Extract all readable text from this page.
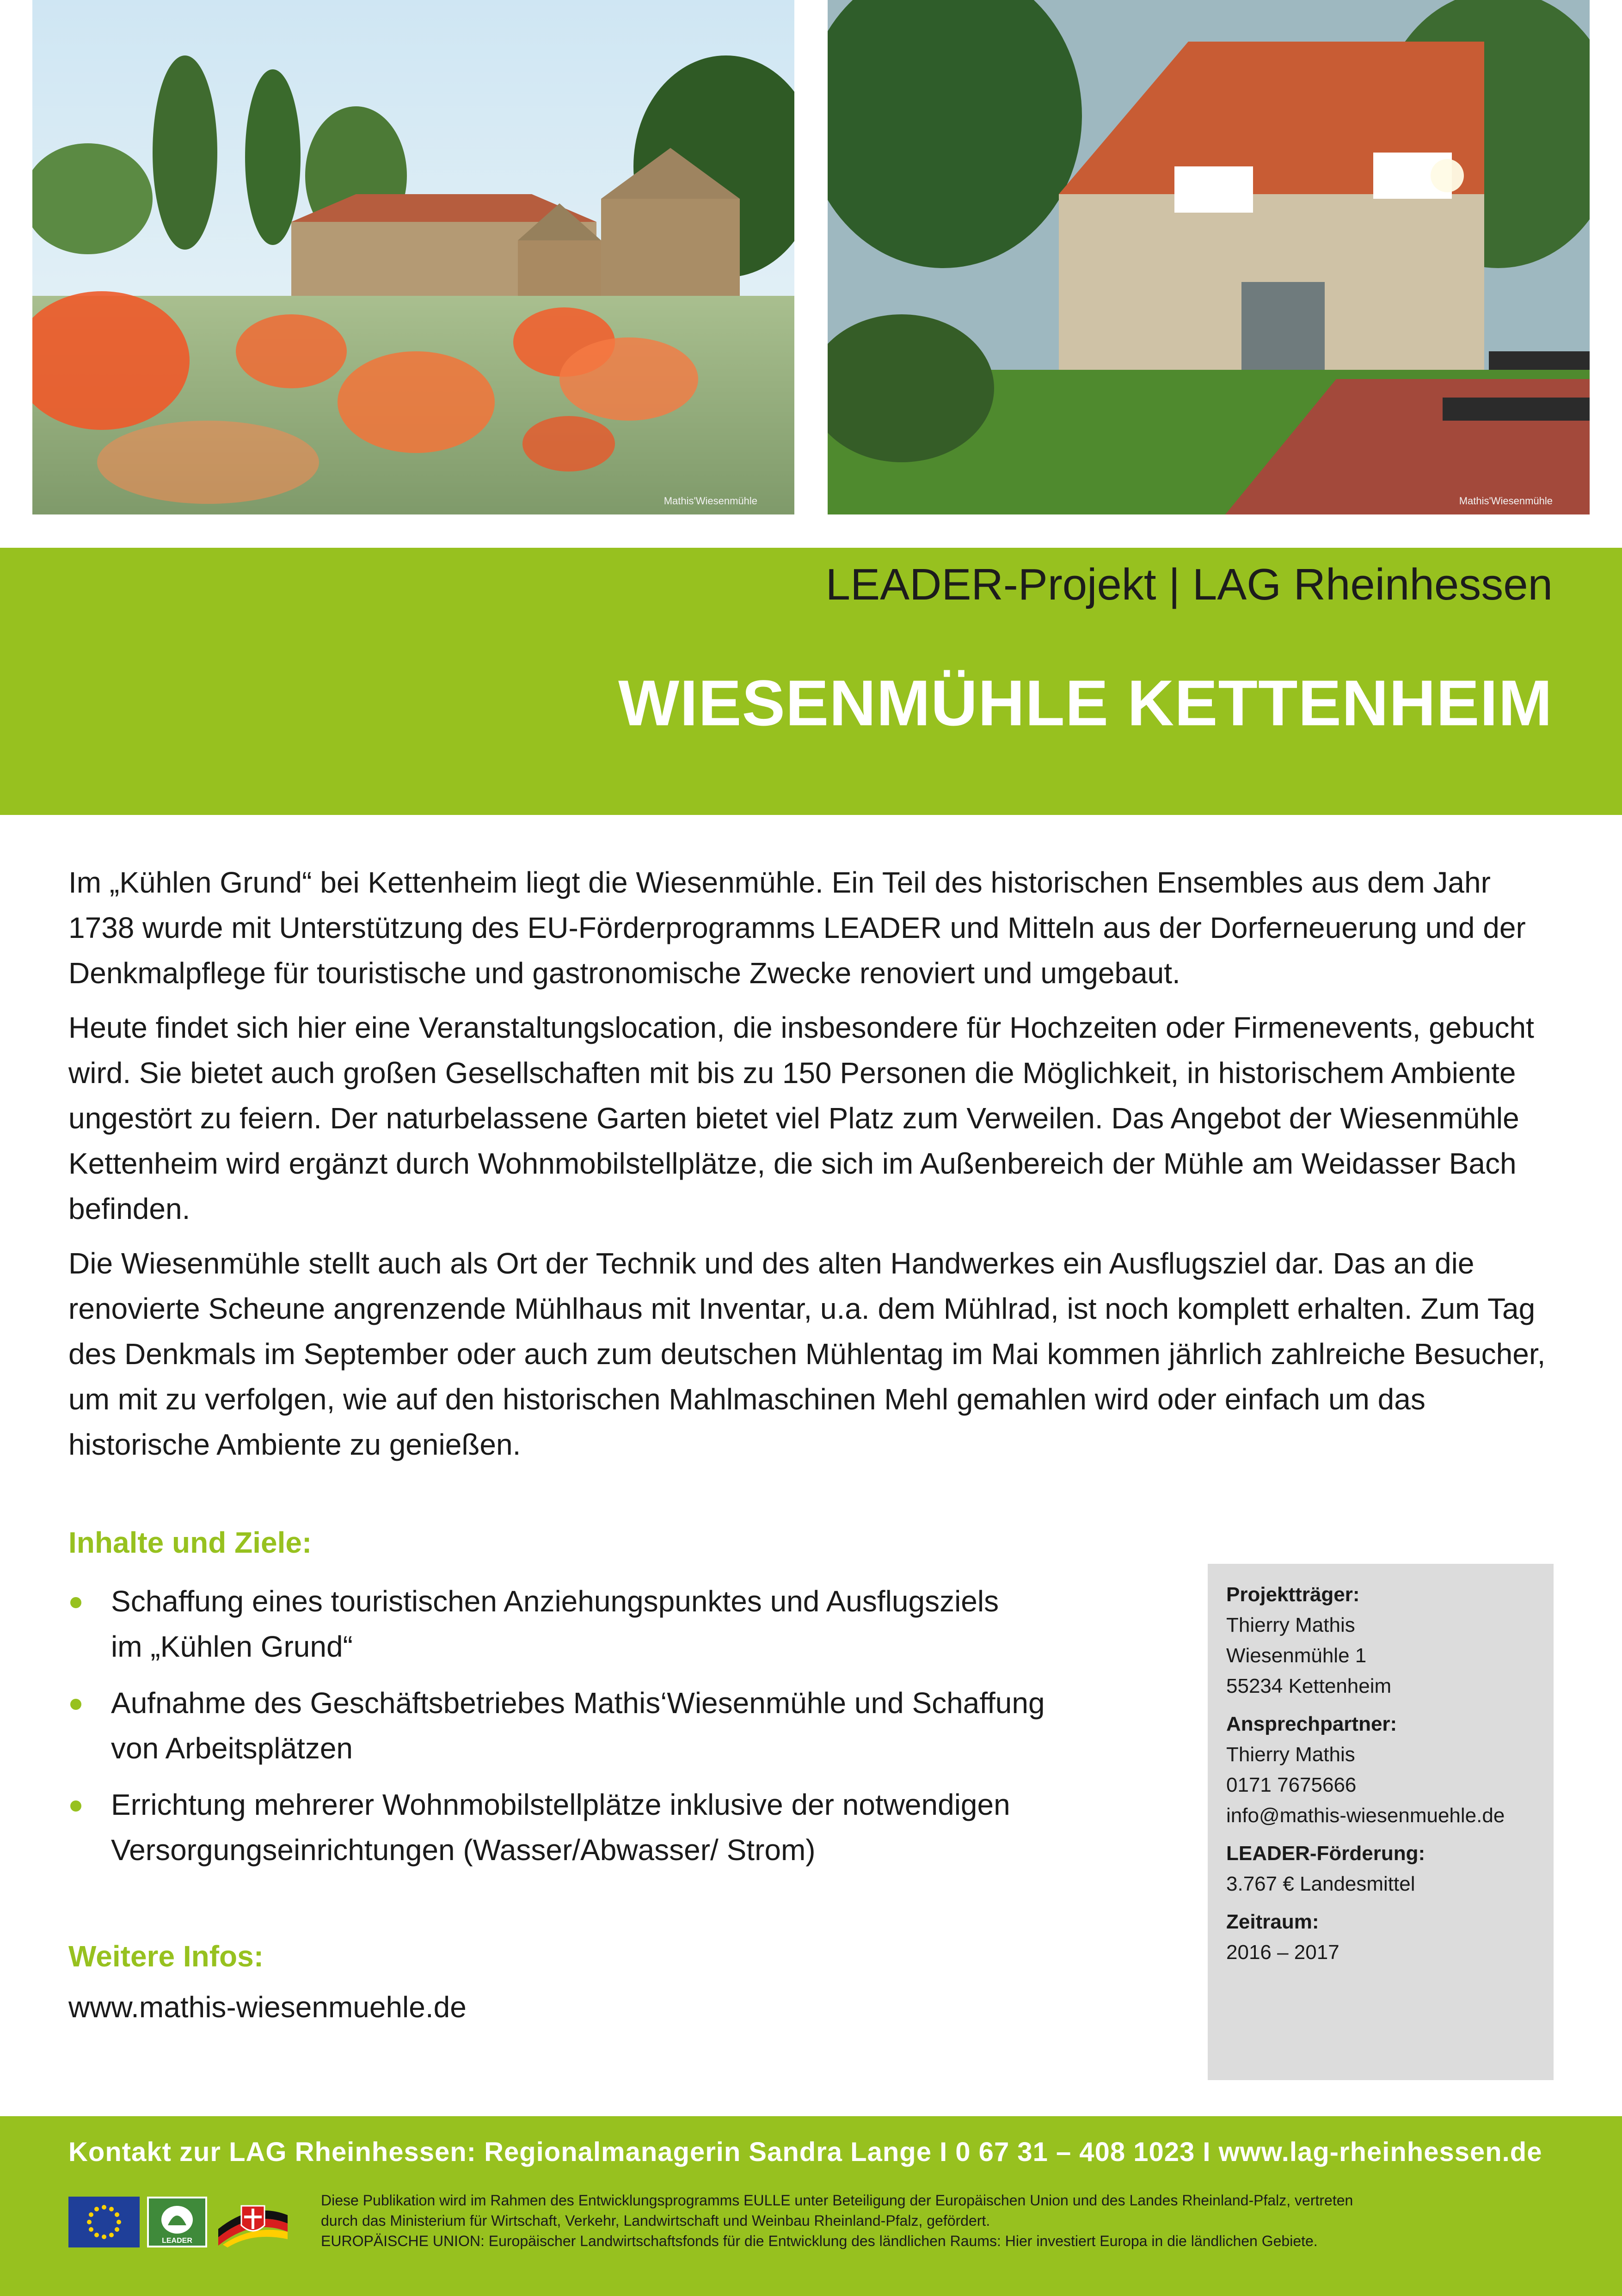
Mathis'Wiesenmühle	Mathis'Wiesenmühle
LEADER-Projekt | LAG Rheinhessen
WIESENMÜHLE KETTENHEIM

Im „Kühlen Grund“ bei Kettenheim liegt die Wiesenmühle. Ein Teil des historischen Ensembles aus dem Jahr 1738 wurde mit Unterstützung des EU-Förderprogramms LEADER und Mitteln aus der Dorferneuerung und der Denkmalpflege für touristische und gastronomische Zwecke renoviert und umgebaut.

Heute findet sich hier eine Veranstaltungslocation, die insbesondere für Hochzeiten oder Firmenevents, gebucht wird. Sie bietet auch großen Gesellschaften mit bis zu 150 Personen die Möglichkeit, in historischem Ambiente ungestört zu feiern. Der naturbelassene Garten bietet viel Platz zum Verweilen. Das Angebot der Wiesenmühle Kettenheim wird ergänzt durch Wohnmobilstellplätze, die sich im Außenbereich der Mühle am Weidasser Bach befinden.

Die Wiesenmühle stellt auch als Ort der Technik und des alten Handwerkes ein Ausflugsziel dar. Das an die renovierte Scheune angrenzende Mühlhaus mit Inventar, u.a. dem Mühlrad, ist noch komplett erhalten. Zum Tag des Denkmals im September oder auch zum deutschen Mühlentag im Mai kommen jährlich zahlreiche Besucher, um mit zu verfolgen, wie auf den historischen Mahlmaschinen Mehl gemahlen wird oder einfach um das historische Ambiente zu genießen.

Inhalte und Ziele:
Schaffung eines touristischen Anziehungspunktes und Ausflugsziels
im „Kühlen Grund“
Aufnahme des Geschäftsbetriebes Mathis‘Wiesenmühle und Schaffung
von Arbeitsplätzen
Errichtung mehrerer Wohnmobilstellplätze inklusive der notwendigen
Versorgungseinrichtungen (Wasser/Abwasser/ Strom)
Weitere Infos:
www.mathis-wiesenmuehle.de
Projektträger:
Thierry Mathis
Wiesenmühle 1
55234 Kettenheim
Ansprechpartner:
Thierry Mathis
0171 7675666
info@mathis-wiesenmuehle.de
LEADER-Förderung:
3.767 € Landesmittel
Zeitraum:
2016 – 2017
Kontakt zur LAG Rheinhessen: Regionalmanagerin Sandra Lange I 0 67 31 – 408 1023 I www.lag-rheinhessen.de
LEADER
Diese Publikation wird im Rahmen des Entwicklungsprogramms EULLE unter Beteiligung der Europäischen Union und des Landes Rheinland-Pfalz, vertreten
durch das Ministerium für Wirtschaft, Verkehr, Landwirtschaft und Weinbau Rheinland-Pfalz, gefördert.
EUROPÄISCHE UNION: Europäischer Landwirtschaftsfonds für die Entwicklung des ländlichen Raums: Hier investiert Europa in die ländlichen Gebiete.
